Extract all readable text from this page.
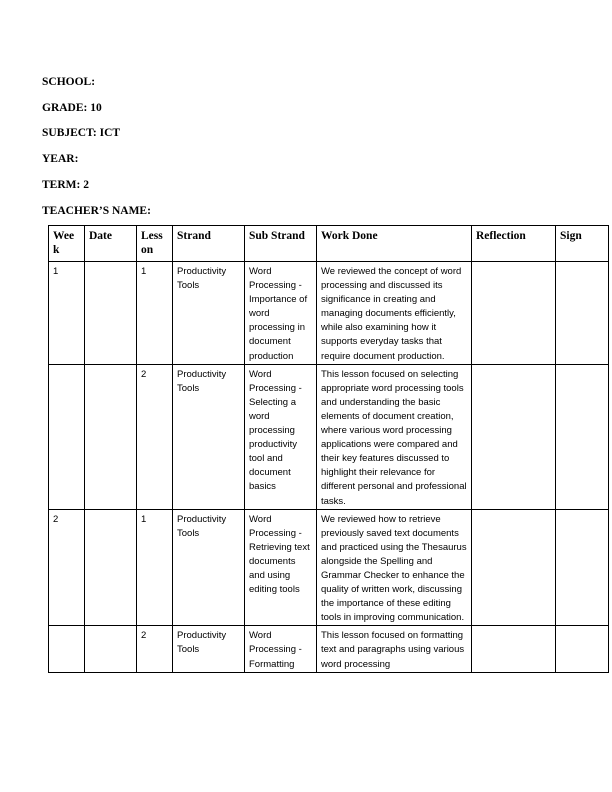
SCHOOL:
GRADE: 10
SUBJECT: ICT
YEAR:
TERM: 2
TEACHER’S NAME:
Week	Date	Lesson	Strand	Sub Strand	Work Done	Reflection	Sign
1		1	Productivity Tools	Word Processing - Importance of word processing in document production	We reviewed the concept of word processing and discussed its significance in creating and managing documents efficiently, while also examining how it supports everyday tasks that require document production.		
		2	Productivity Tools	Word Processing - Selecting a word processing productivity tool and document basics	This lesson focused on selecting appropriate word processing tools and understanding the basic elements of document creation, where various word processing applications were compared and their key features discussed to highlight their relevance for different personal and professional tasks.		
2		1	Productivity Tools	Word Processing - Retrieving text documents and using editing tools	We reviewed how to retrieve previously saved text documents and practiced using the Thesaurus alongside the Spelling and Grammar Checker to enhance the quality of written work, discussing the importance of these editing tools in improving communication.		
		2	Productivity Tools	Word Processing - Formatting	This lesson focused on formatting text and paragraphs using various word processing		
